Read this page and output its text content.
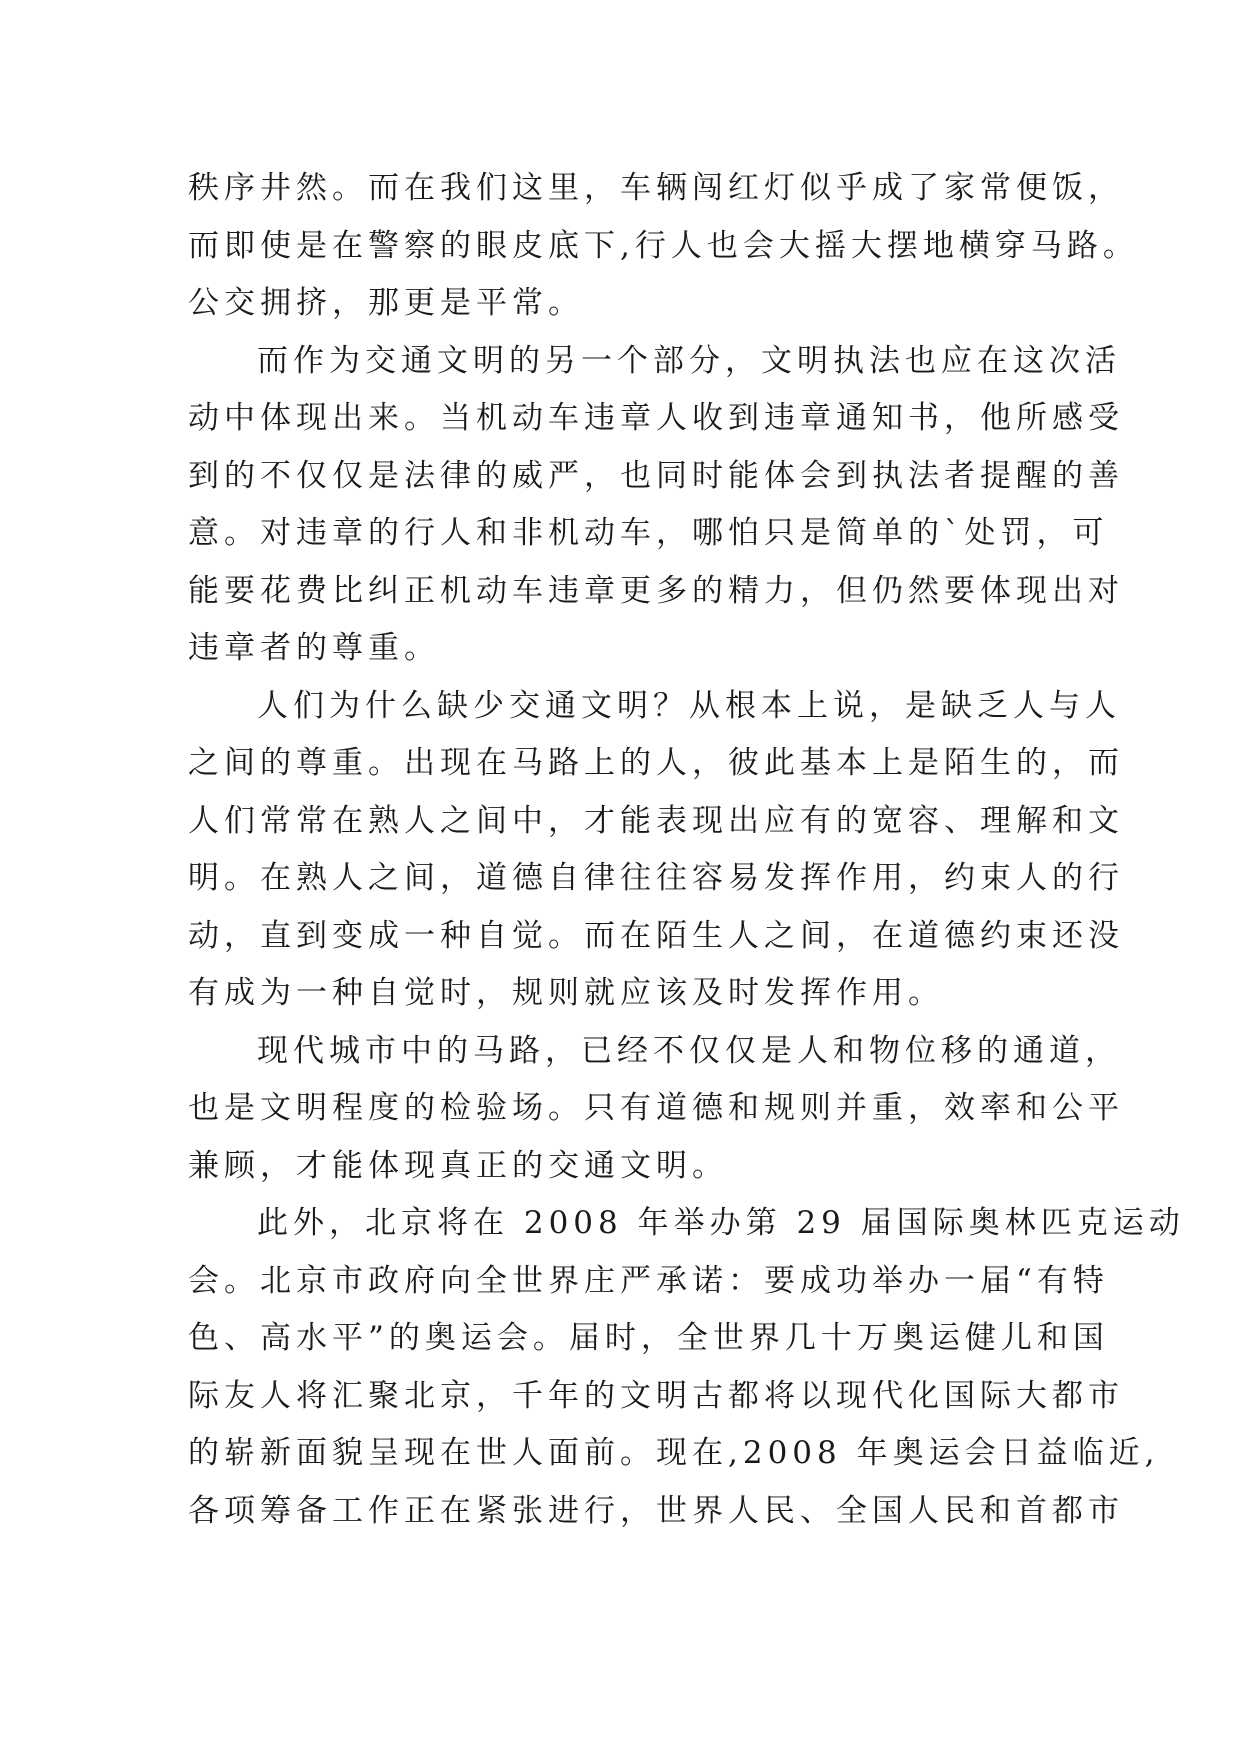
秩序井然。而在我们这里，车辆闯红灯似乎成了家常便饭，
而即使是在警察的眼皮底下,行人也会大摇大摆地横穿马路。
公交拥挤，那更是平常。
而作为交通文明的另一个部分，文明执法也应在这次活
动中体现出来。当机动车违章人收到违章通知书，他所感受
到的不仅仅是法律的威严，也同时能体会到执法者提醒的善
意。对违章的行人和非机动车，哪怕只是简单的`处罚，可
能要花费比纠正机动车违章更多的精力，但仍然要体现出对
违章者的尊重。
人们为什么缺少交通文明？从根本上说，是缺乏人与人
之间的尊重。出现在马路上的人，彼此基本上是陌生的，而
人们常常在熟人之间中，才能表现出应有的宽容、理解和文
明。在熟人之间，道德自律往往容易发挥作用，约束人的行
动，直到变成一种自觉。而在陌生人之间，在道德约束还没
有成为一种自觉时，规则就应该及时发挥作用。
现代城市中的马路，已经不仅仅是人和物位移的通道，
也是文明程度的检验场。只有道德和规则并重，效率和公平
兼顾，才能体现真正的交通文明。
此外，北京将在 2008 年举办第 29 届国际奥林匹克运动
会。北京市政府向全世界庄严承诺：要成功举办一届“有特
色、高水平”的奥运会。届时，全世界几十万奥运健儿和国
际友人将汇聚北京，千年的文明古都将以现代化国际大都市
的崭新面貌呈现在世人面前。现在,2008 年奥运会日益临近,
各项筹备工作正在紧张进行，世界人民、全国人民和首都市
